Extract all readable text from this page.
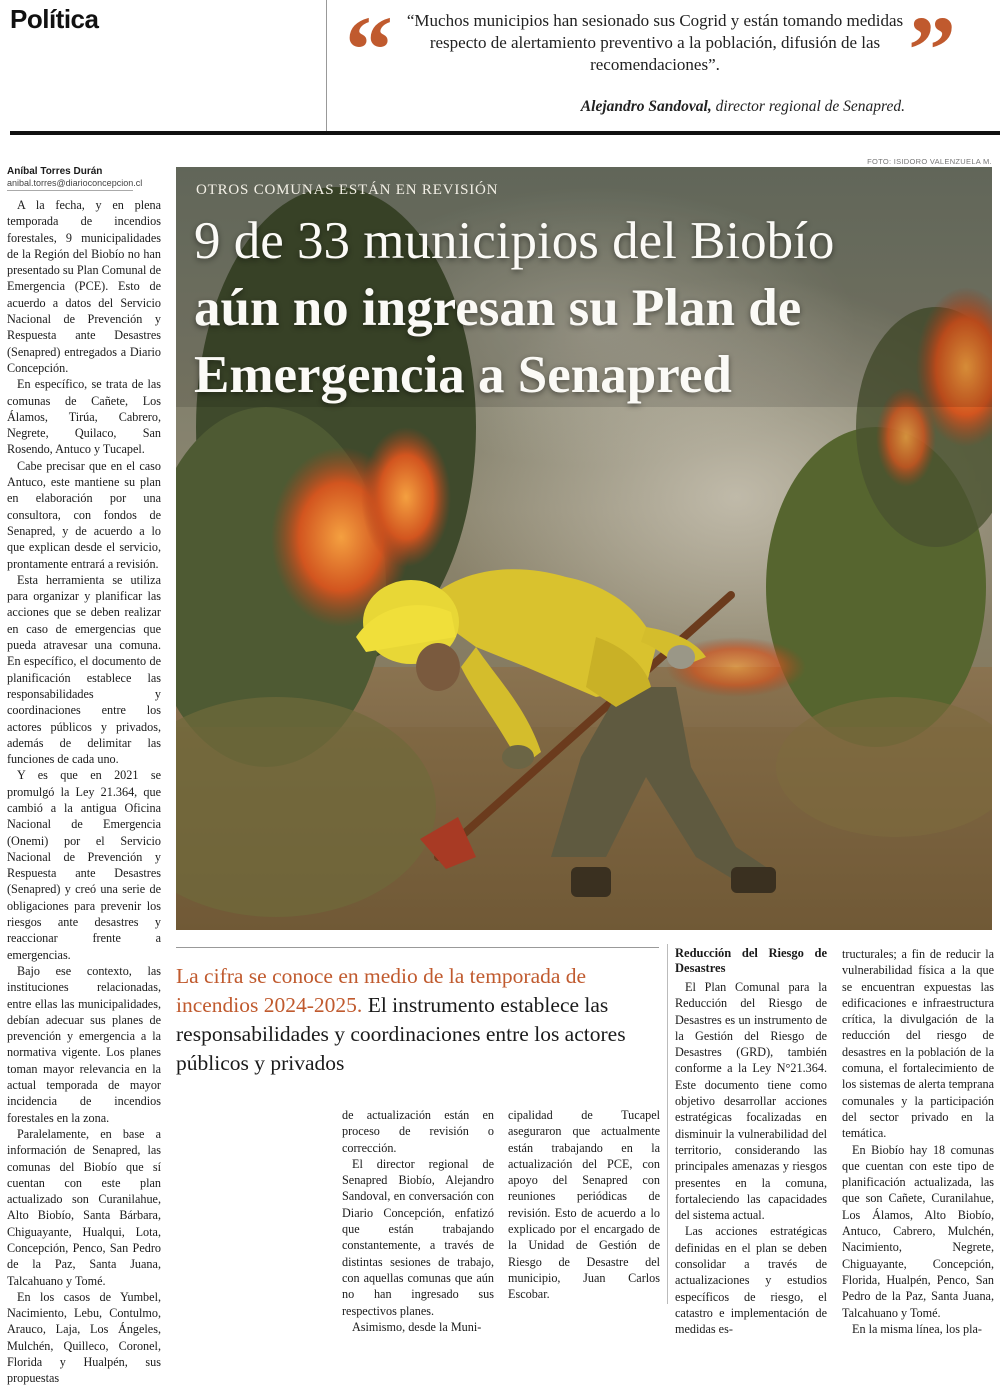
Política	“ “Muchos municipios han sesionado sus Cogrid y están tomando medidas respecto de alertamiento preventivo a la población, difusión de las recomendaciones”.	”
Alejandro Sandoval, director regional de Senapred.
Aníbal Torres Durán
anibal.torres@diarioconcepcion.cl

A la fecha, y en plena temporada de incendios forestales, 9 municipalidades de la Región del Biobío no han presentado su Plan Comunal de Emergencia (PCE). Esto de acuerdo a datos del Servicio Nacional de Prevención y Respuesta ante Desastres (Senapred) entregados a Diario Concepción.

En específico, se trata de las comunas de Cañete, Los Álamos, Tirúa, Cabrero, Negrete, Quilaco, San Rosendo, Antuco y Tucapel.

Cabe precisar que en el caso Antuco, este mantiene su plan en elaboración por una consultora, con fondos de Senapred, y de acuerdo a lo que explican desde el servicio, prontamente entrará a revisión.

Esta herramienta se utiliza para organizar y planificar las acciones que se deben realizar en caso de emergencias que pueda atravesar una comuna. En específico, el documento de planificación establece las responsabilidades y coordinaciones entre los actores públicos y privados, además de delimitar las funciones de cada uno.

Y es que en 2021 se promulgó la Ley 21.364, que cambió a la antigua Oficina Nacional de Emergencia (Onemi) por el Servicio Nacional de Prevención y Respuesta ante Desastres (Senapred) y creó una serie de obligaciones para prevenir los riesgos ante desastres y reaccionar frente a emergencias.

Bajo ese contexto, las instituciones relacionadas, entre ellas las municipalidades, debían adecuar sus planes de prevención y emergencia a la normativa vigente. Los planes toman mayor relevancia en la actual temporada de mayor incidencia de incendios forestales en la zona.

Paralelamente, en base a información de Senapred, las comunas del Biobío que sí cuentan con este plan actualizado son Curanilahue, Alto Biobío, Santa Bárbara, Chiguayante, Hualqui, Lota, Concepción, Penco, San Pedro de la Paz, Santa Juana, Talcahuano y Tomé.

En los casos de Yumbel, Nacimiento, Lebu, Contulmo, Arauco, Laja, Los Ángeles, Mulchén, Quilleco, Coronel, Florida y Hualpén, sus propuestas

FOTO: ISIDORO VALENZUELA M.
OTROS COMUNAS ESTÁN EN REVISIÓN
9 de 33 municipios del Biobío
aún no ingresan su Plan de
Emergencia a Senapred
La cifra se conoce en medio de la temporada de incendios 2024-2025. El instrumento establece las responsabilidades y coordinaciones entre los actores públicos y privados

de actualización están en proceso de revisión o corrección.

El director regional de Senapred Biobío, Alejandro Sandoval, en conversación con Diario Concepción, enfatizó que están trabajando constantemente, a través de distintas sesiones de trabajo, con aquellas comunas que aún no han ingresado sus respectivos planes.

Asimismo, desde la Muni-

cipalidad de Tucapel aseguraron que actualmente están trabajando en la actualización del PCE, con apoyo del Senapred con reuniones periódicas de revisión. Esto de acuerdo a lo explicado por el encargado de la Unidad de Gestión de Riesgo de Desastre del municipio, Juan Carlos Escobar.

Reducción del Riesgo de Desastres

El Plan Comunal para la Reducción del Riesgo de Desastres es un instrumento de la Gestión del Riesgo de Desastres (GRD), también conforme a la Ley N°21.364. Este documento tiene como objetivo desarrollar acciones estratégicas focalizadas en disminuir la vulnerabilidad del territorio, considerando las principales amenazas y riesgos presentes en la comuna, fortaleciendo las capacidades del sistema actual.

Las acciones estratégicas definidas en el plan se deben consolidar a través de actualizaciones y estudios específicos de riesgo, el catastro e implementación de medidas es-

tructurales; a fin de reducir la vulnerabilidad física a la que se encuentran expuestas las edificaciones e infraestructura crítica, la divulgación de la reducción del riesgo de desastres en la población de la comuna, el fortalecimiento de los sistemas de alerta temprana comunales y la participación del sector privado en la temática.

En Biobío hay 18 comunas que cuentan con este tipo de planificación actualizada, las que son Cañete, Curanilahue, Los Álamos, Alto Biobío, Antuco, Cabrero, Mulchén, Nacimiento, Negrete, Chiguayante, Concepción, Florida, Hualpén, Penco, San Pedro de la Paz, Santa Juana, Talcahuano y Tomé.

En la misma línea, los pla-
